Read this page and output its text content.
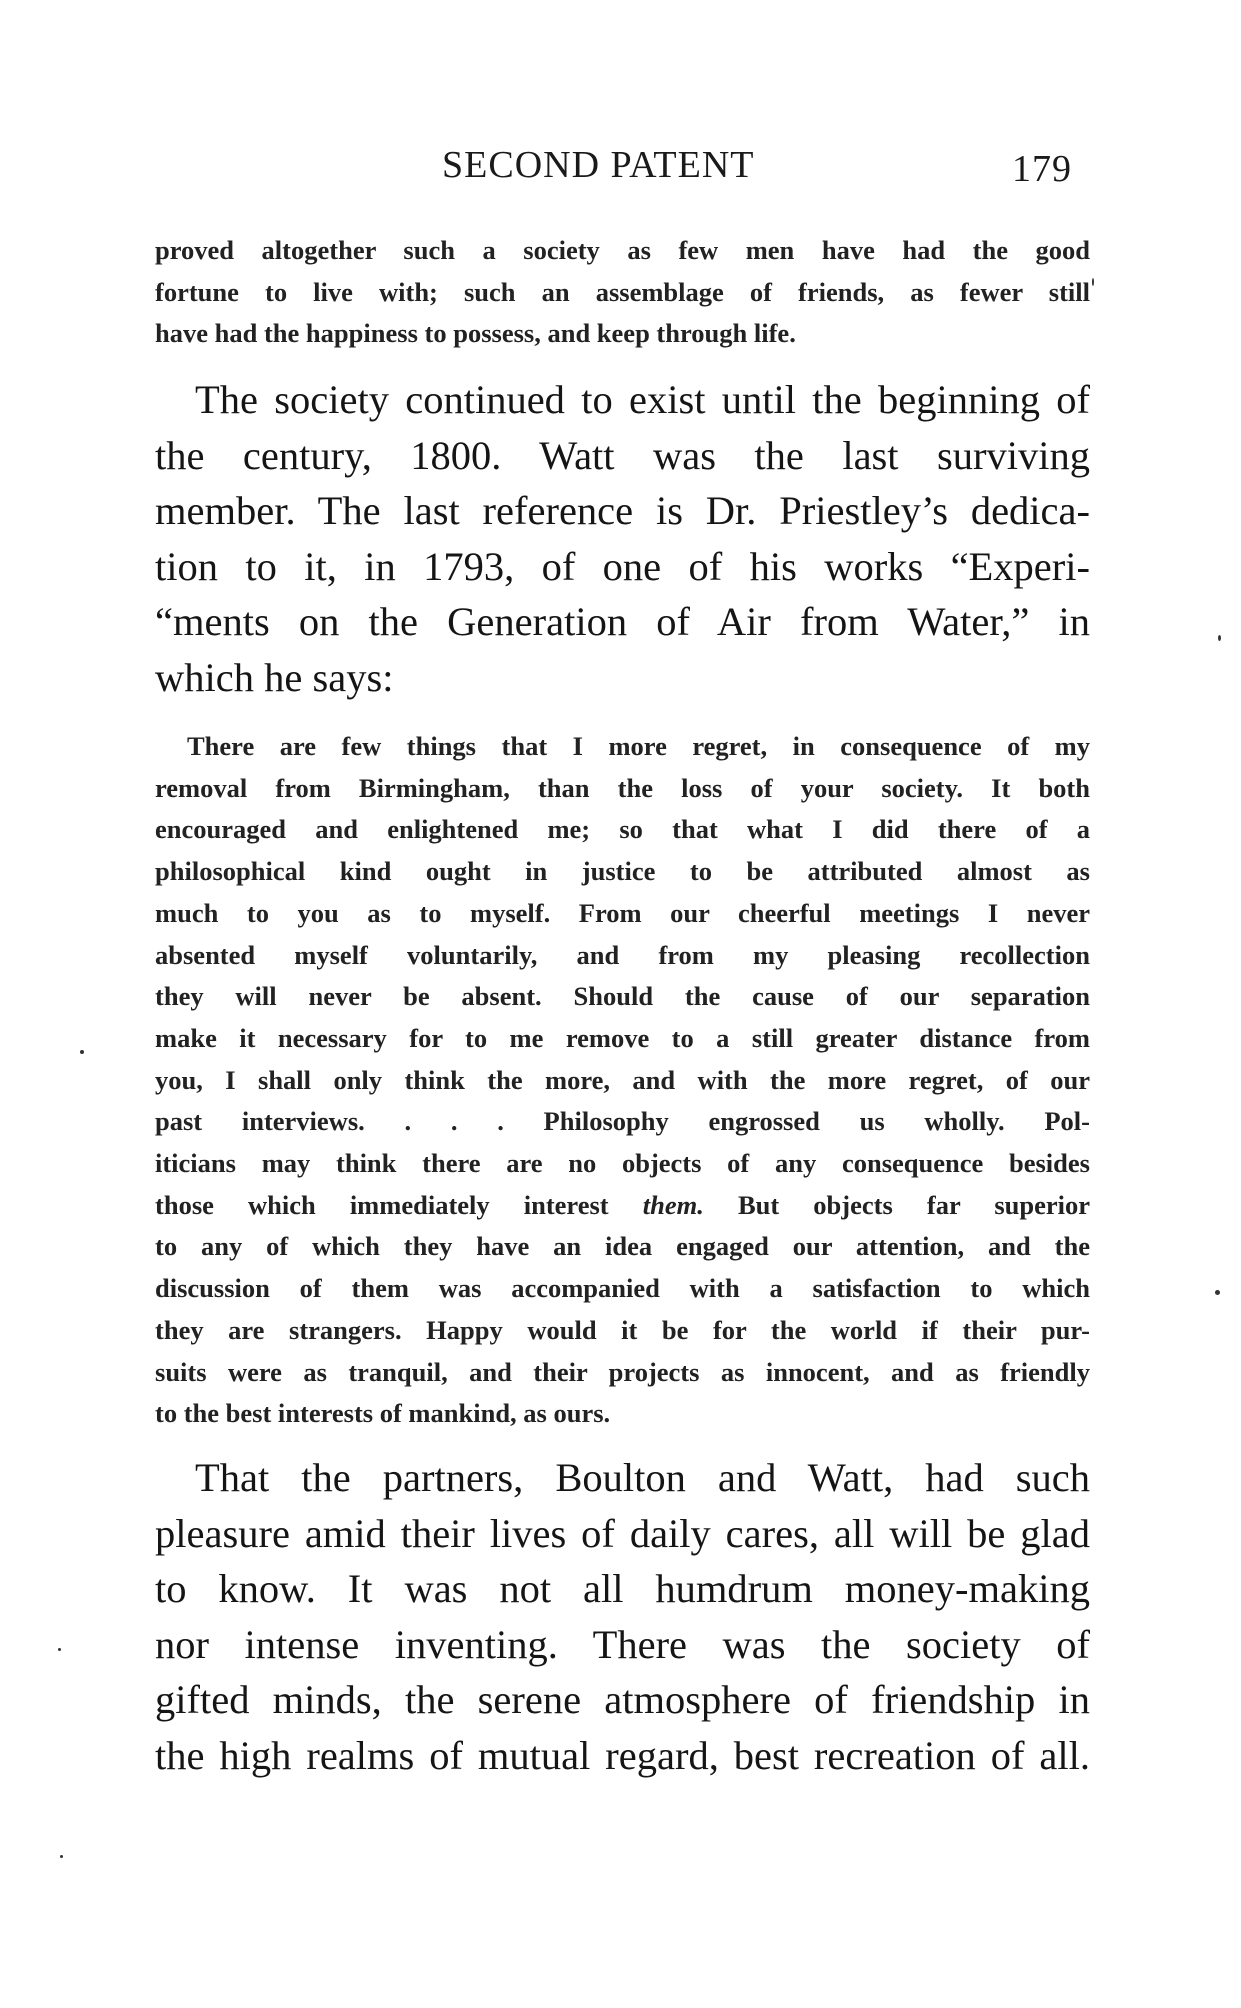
SECOND PATENT	179
proved altogether such a society as few men have had the good
fortune to live with; such an assemblage of friends, as fewer still
have had the happiness to possess, and keep through life.
The society continued to exist until the beginning of
the century, 1800. Watt was the last surviving
member. The last reference is Dr. Priestley’s dedica-
tion to it, in 1793, of one of his works “Experi-
“ments on the Generation of Air from Water,” in
which he says:
There are few things that I more regret, in consequence of my
removal from Birmingham, than the loss of your society. It both
encouraged and enlightened me; so that what I did there of a
philosophical kind ought in justice to be attributed almost as
much to you as to myself. From our cheerful meetings I never
absented myself voluntarily, and from my pleasing recollection
they will never be absent. Should the cause of our separation
make it necessary for to me remove to a still greater distance from
you, I shall only think the more, and with the more regret, of our
past interviews. . . . Philosophy engrossed us wholly. Pol-
iticians may think there are no objects of any consequence besides
those which immediately interest them. But objects far superior
to any of which they have an idea engaged our attention, and the
discussion of them was accompanied with a satisfaction to which
they are strangers. Happy would it be for the world if their pur-
suits were as tranquil, and their projects as innocent, and as friendly
to the best interests of mankind, as ours.
That the partners, Boulton and Watt, had such
pleasure amid their lives of daily cares, all will be glad
to know. It was not all humdrum money-making
nor intense inventing. There was the society of
gifted minds, the serene atmosphere of friendship in
the high realms of mutual regard, best recreation of all.
